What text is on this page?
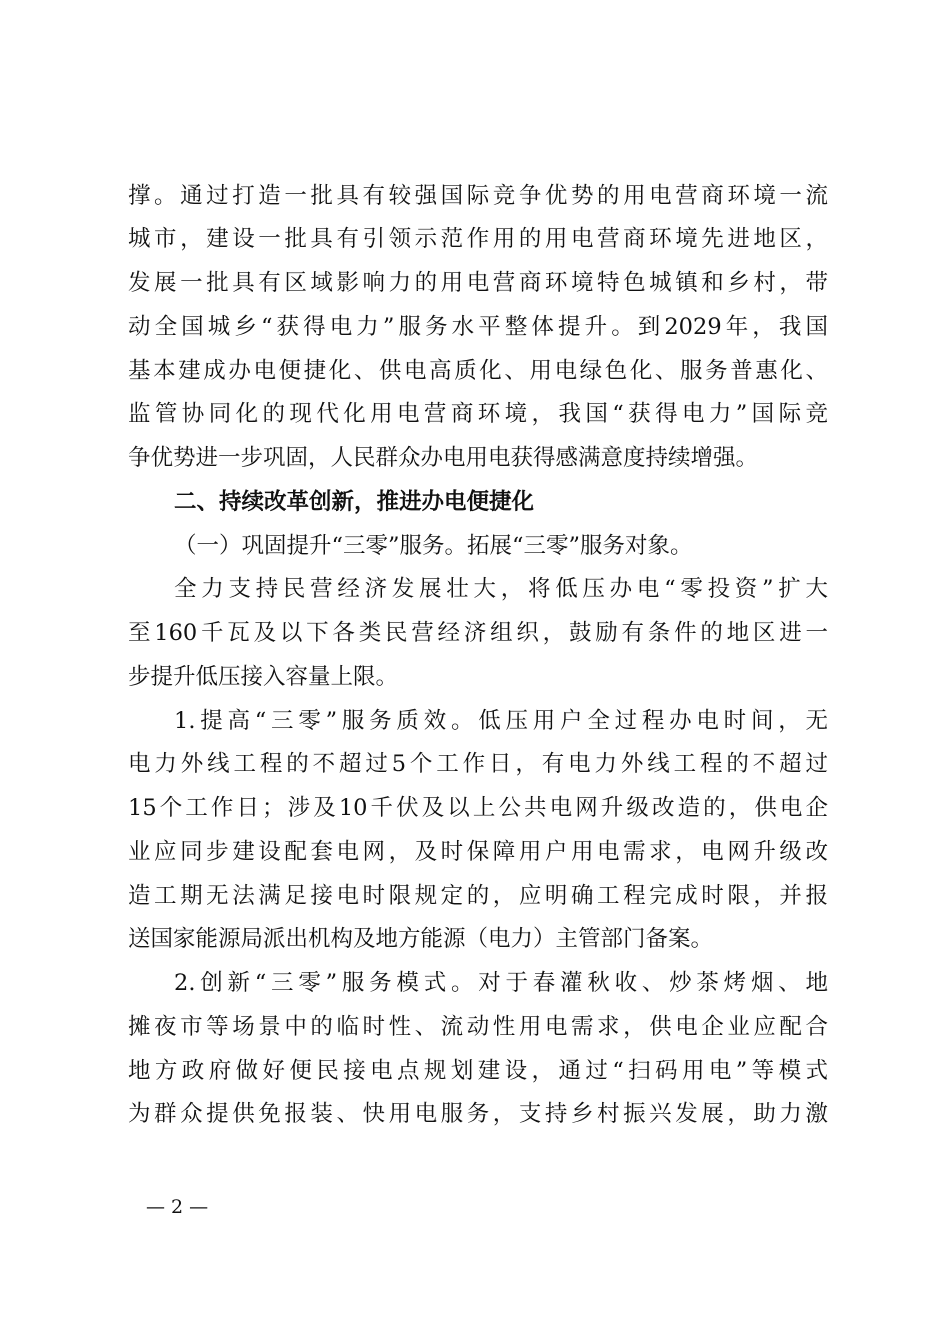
撑。通过打造一批具有较强国际竞争优势的用电营商环境一流
城市，建设一批具有引领示范作用的用电营商环境先进地区，
发展一批具有区域影响力的用电营商环境特色城镇和乡村，带
动全国城乡“获得电力”服务水平整体提升。到2029年，我国
基本建成办电便捷化、供电高质化、用电绿色化、服务普惠化、
监管协同化的现代化用电营商环境，我国“获得电力”国际竞
争优势进一步巩固，人民群众办电用电获得感满意度持续增强。
二、持续改革创新，推进办电便捷化
（一）巩固提升“三零”服务。拓展“三零”服务对象。
全力支持民营经济发展壮大，将低压办电“零投资”扩大
至160千瓦及以下各类民营经济组织，鼓励有条件的地区进一
步提升低压接入容量上限。
1.提高“三零”服务质效。低压用户全过程办电时间，无
电力外线工程的不超过5个工作日，有电力外线工程的不超过
15个工作日；涉及10千伏及以上公共电网升级改造的，供电企
业应同步建设配套电网，及时保障用户用电需求，电网升级改
造工期无法满足接电时限规定的，应明确工程完成时限，并报
送国家能源局派出机构及地方能源（电力）主管部门备案。
2.创新“三零”服务模式。对于春灌秋收、炒茶烤烟、地
摊夜市等场景中的临时性、流动性用电需求，供电企业应配合
地方政府做好便民接电点规划建设，通过“扫码用电”等模式
为群众提供免报装、快用电服务，支持乡村振兴发展，助力激
— 2 —
